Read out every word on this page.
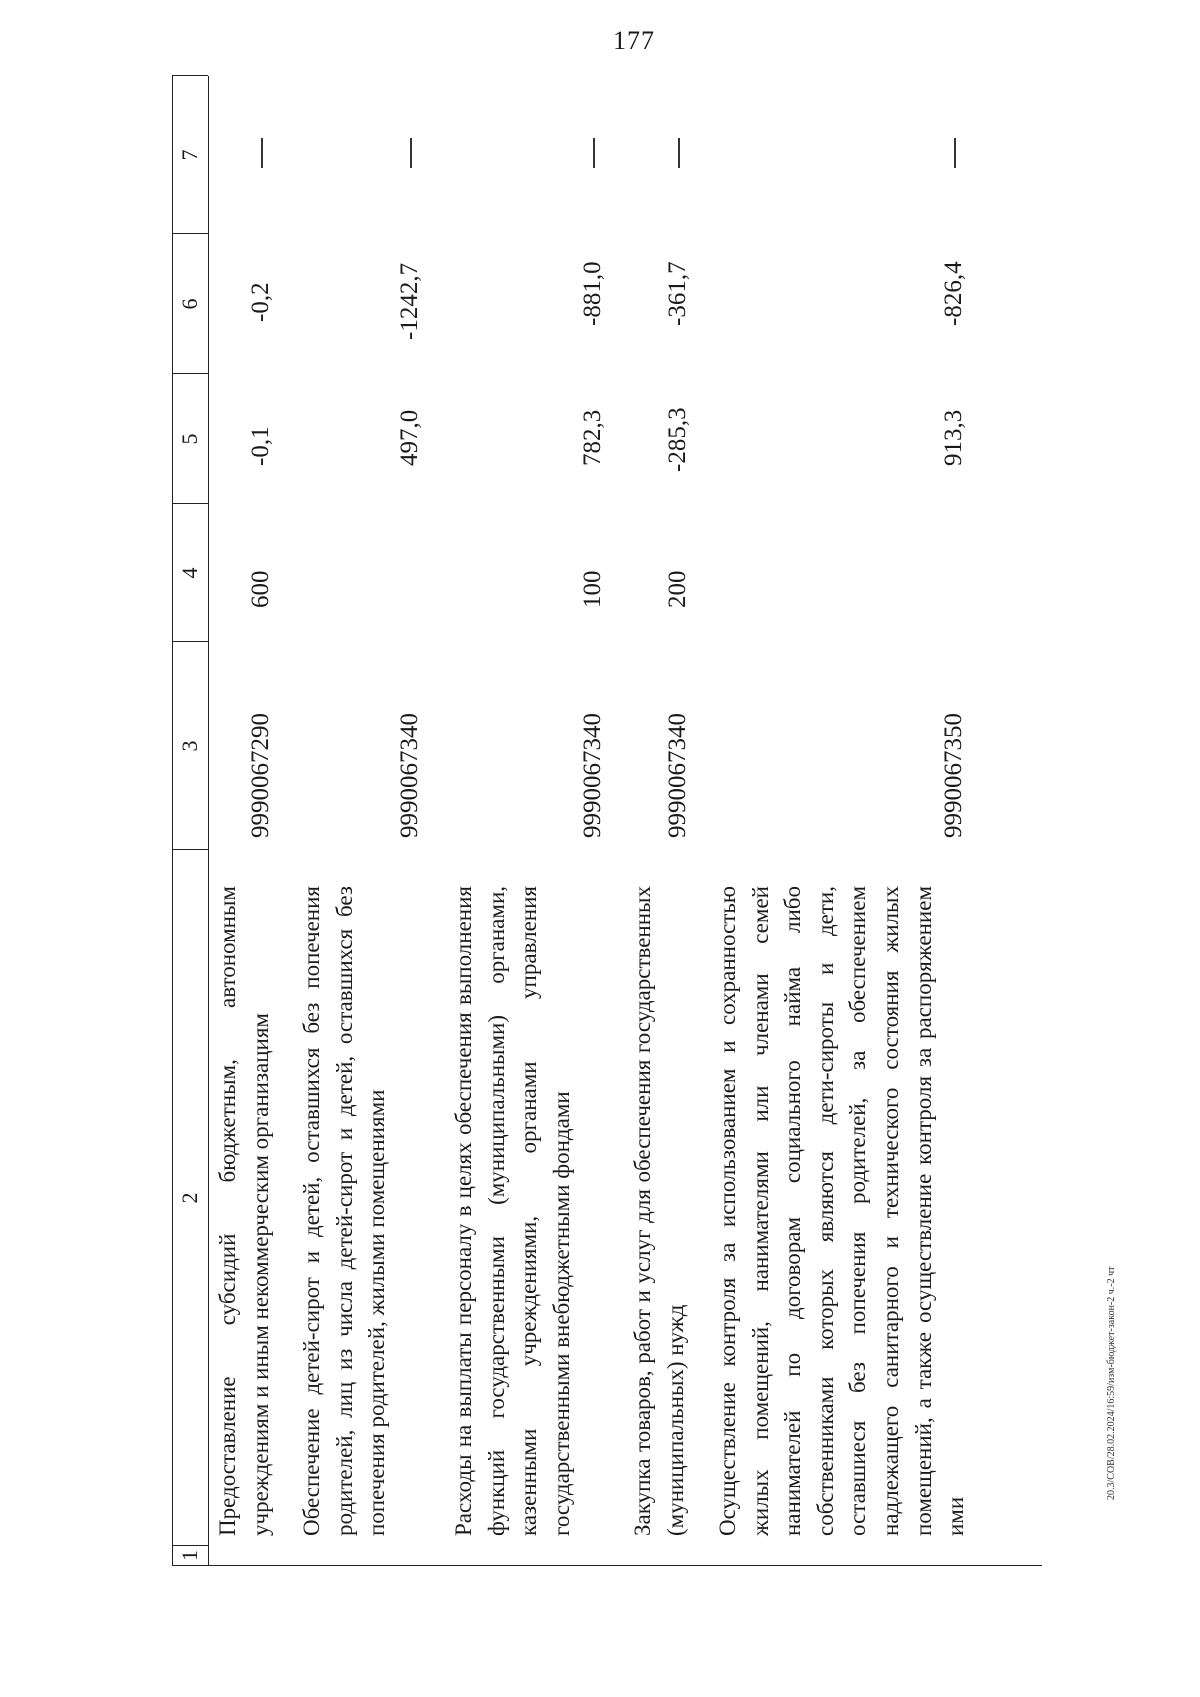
177
1
2
3
4
5
6
7
Предоставление субсидий бюджетным, автономным учреждениям и иным некоммерческим организациям
9990067290
600
-0,1
-0,2
Обеспечение детей-сирот и детей, оставшихся без попечения родителей, лиц из числа детей-сирот и детей, оставшихся без попечения родителей, жилыми помещениями
9990067340
497,0
-1242,7
Расходы на выплаты персоналу в целях обеспечения выполнения функций государственными (муниципальными) органами, казенными учреждениями, органами управления государственными внебюджетными фондами
9990067340
100
782,3
-881,0
Закупка товаров, работ и услуг для обеспечения государственных (муниципальных) нужд
9990067340
200
-285,3
-361,7
Осуществление контроля за использованием и сохранностью жилых помещений, нанимателями или членами семей нанимателей по договорам социального найма либо собственниками которых являются дети-сироты и дети, оставшиеся без попечения родителей, за обеспечением надлежащего санитарного и технического состояния жилых помещений, а также осуществление контроля за распоряжением ими
9990067350
913,3
-826,4
20.3/СОВ/28.02.2024/16:59/изм-бюджет-закон-2 ч.-2 чт
